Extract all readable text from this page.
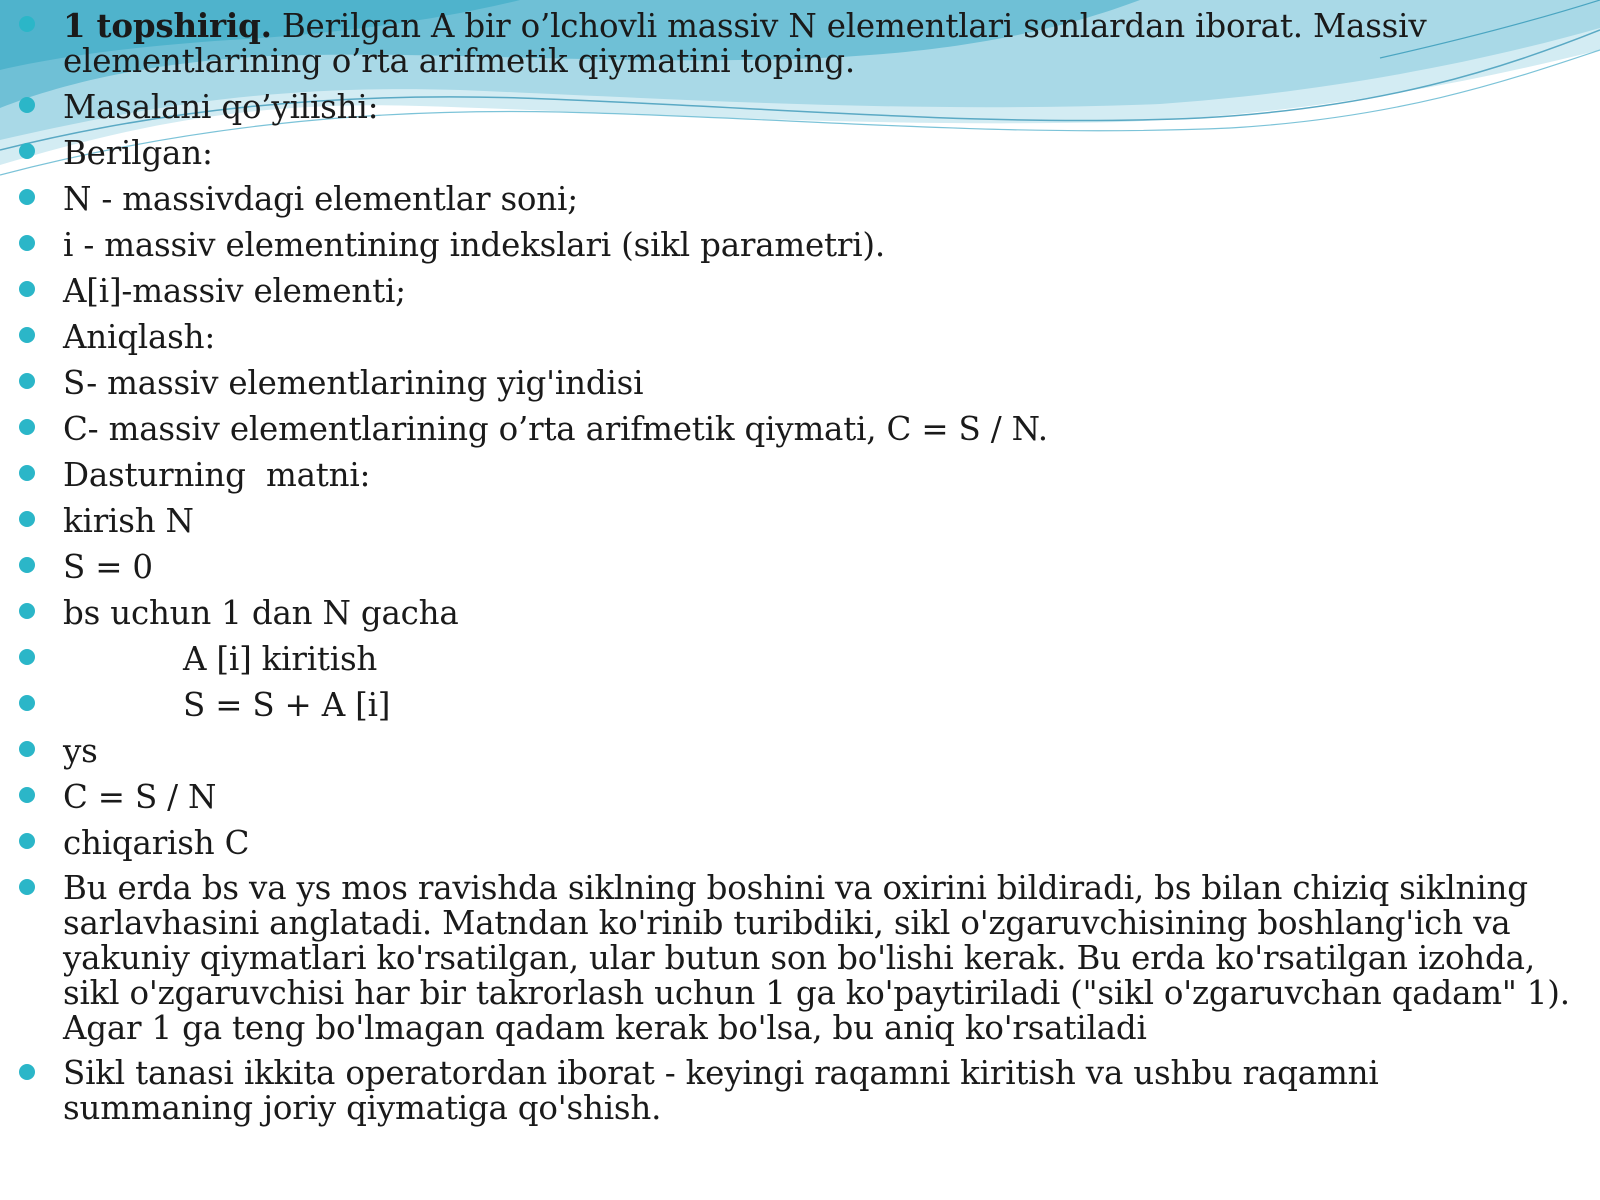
1 topshiriq. Berilgan A bir o’lchovli massiv N elementlari sonlardan iborat. Massiv elementlarining o’rta arifmetik qiymatini toping.
Masalani qo’yilishi:
Berilgan:
N - massivdagi elementlar soni;
i - massiv elementining indekslari (sikl parametri).
A[i]-massiv elementi;
Aniqlash:
S- massiv elementlarining yig'indisi
C- massiv elementlarining o’rta arifmetik qiymati, C = S / N.
Dasturning  matni:
kirish N
S = 0
bs uchun 1 dan N gacha
A [i] kiritish
S = S + A [i]
ys
C = S / N
chiqarish C
Bu erda bs va ys mos ravishda siklning boshini va oxirini bildiradi, bs bilan chiziq siklning sarlavhasini anglatadi. Matndan ko'rinib turibdiki, sikl o'zgaruvchisining boshlang'ich va yakuniy qiymatlari ko'rsatilgan, ular butun son bo'lishi kerak. Bu erda ko'rsatilgan izohda, sikl o'zgaruvchisi har bir takrorlash uchun 1 ga ko'paytiriladi ("sikl o'zgaruvchan qadam" 1). Agar 1 ga teng bo'lmagan qadam kerak bo'lsa, bu aniq ko'rsatiladi
Sikl tanasi ikkita operatordan iborat - keyingi raqamni kiritish va ushbu raqamni summaning joriy qiymatiga qo'shish.
